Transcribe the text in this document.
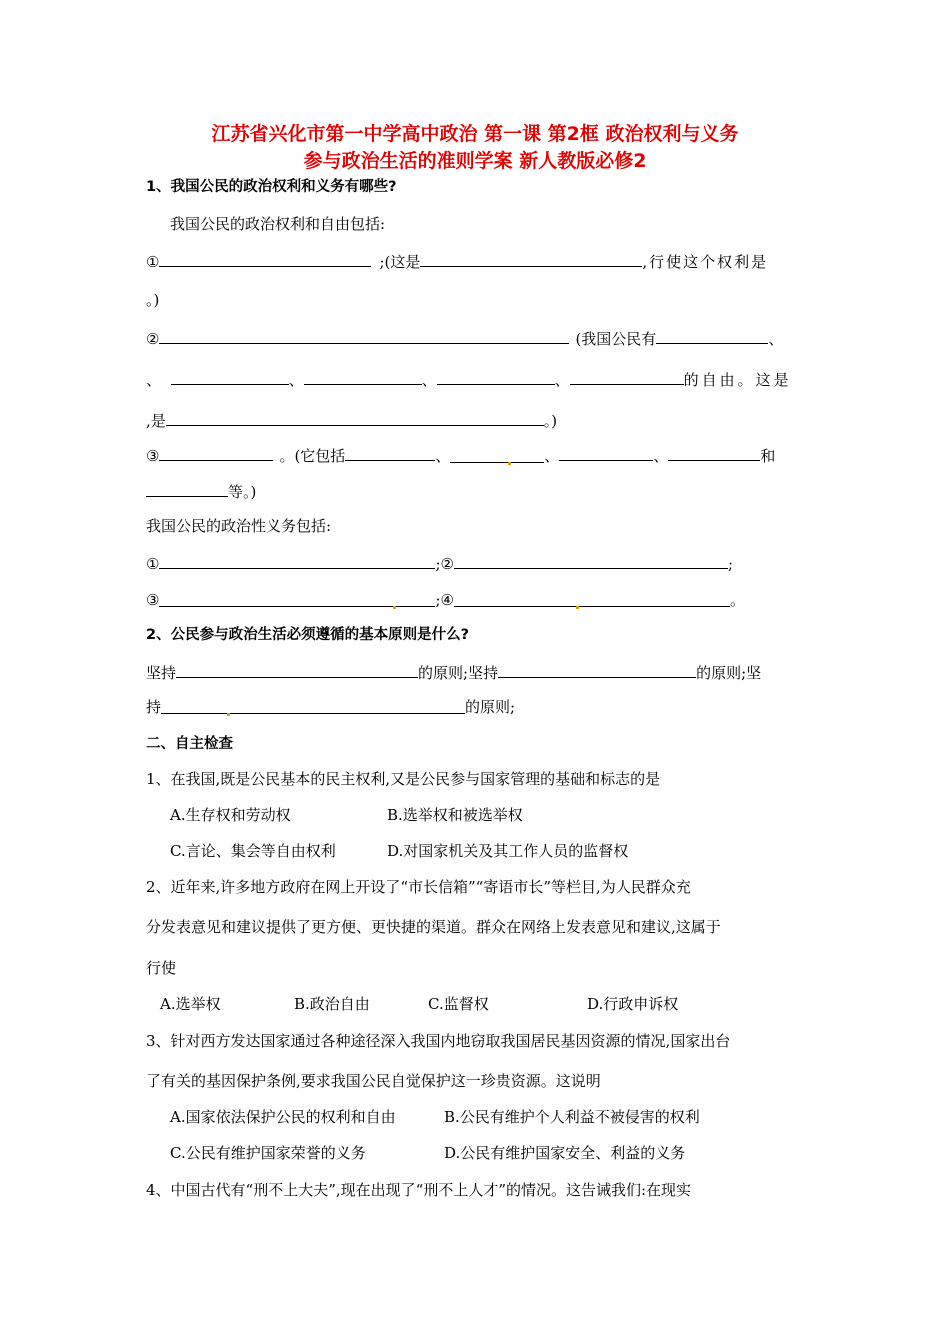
江苏省兴化市第一中学高中政治 第一课 第2框 政治权利与义务
参与政治生活的准则学案 新人教版必修2
1、我国公民的政治权利和义务有哪些?
我国公民的政治权利和自由包括:
①	;(这是	,行使这个权利是
。)
②	(我国公民有	、
、	、	、	、	的自由。这是
,是	。)
③	。(它包括	、	、	、	和
等。)
我国公民的政治性义务包括:
①	;②	;
③	;④	。
2、公民参与政治生活必须遵循的基本原则是什么?
坚持	的原则;坚持	的原则;坚
持	的原则;
二、自主检查
1、在我国,既是公民基本的民主权利,又是公民参与国家管理的基础和标志的是
A.生存权和劳动权	B.选举权和被选举权
C.言论、集会等自由权利	D.对国家机关及其工作人员的监督权
2、近年来,许多地方政府在网上开设了“市长信箱”“寄语市长”等栏目,为人民群众充
分发表意见和建议提供了更方便、更快捷的渠道。群众在网络上发表意见和建议,这属于
行使
A.选举权	B.政治自由	C.监督权	D.行政申诉权
3、针对西方发达国家通过各种途径深入我国内地窃取我国居民基因资源的情况,国家出台
了有关的基因保护条例,要求我国公民自觉保护这一珍贵资源。这说明
A.国家依法保护公民的权利和自由	B.公民有维护个人利益不被侵害的权利
C.公民有维护国家荣誉的义务	D.公民有维护国家安全、利益的义务
4、中国古代有“刑不上大夫”,现在出现了“刑不上人才”的情况。这告诫我们:在现实
